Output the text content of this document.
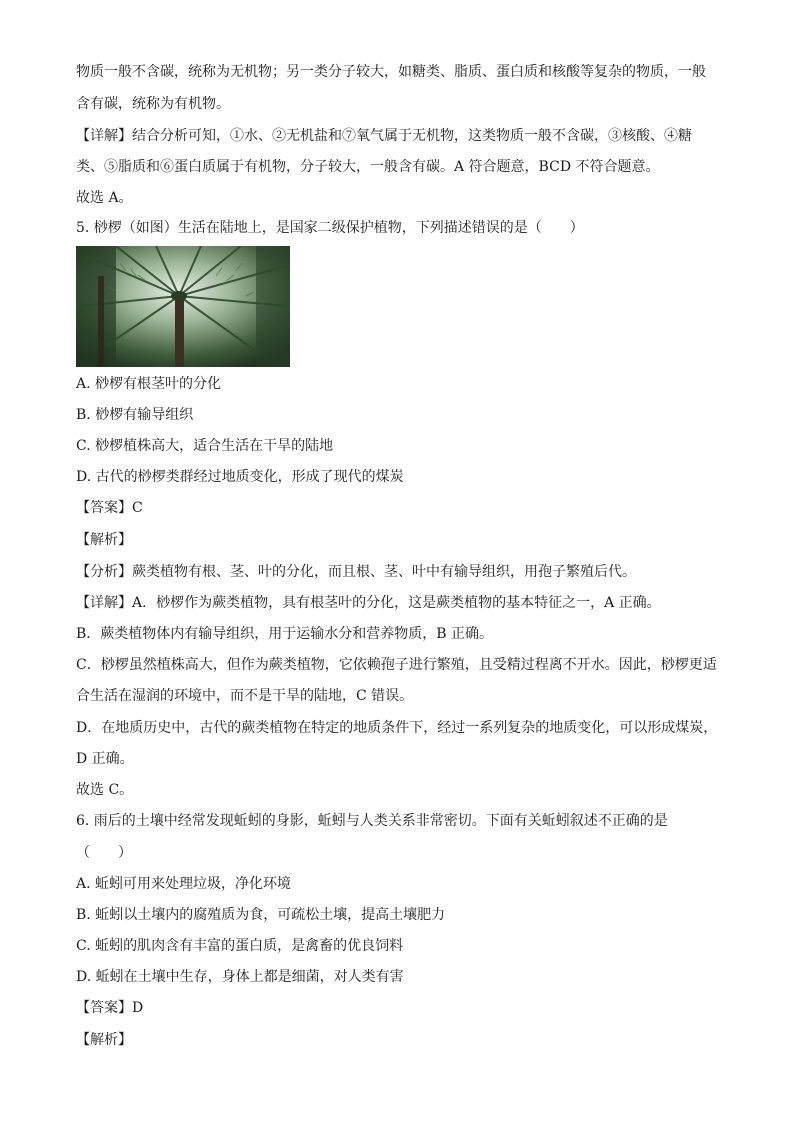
物质一般不含碳，统称为无机物；另一类分子较大，如糖类、脂质、蛋白质和核酸等复杂的物质，一般
含有碳，统称为有机物。
【详解】结合分析可知，①水、②无机盐和⑦氧气属于无机物，这类物质一般不含碳，③核酸、④糖
类、⑤脂质和⑥蛋白质属于有机物，分子较大，一般含有碳。A 符合题意，BCD 不符合题意。
故选 A。
5. 桫椤（如图）生活在陆地上，是国家二级保护植物，下列描述错误的是（　　）
A. 桫椤有根茎叶的分化
B. 桫椤有输导组织
C. 桫椤植株高大，适合生活在干旱的陆地
D. 古代的桫椤类群经过地质变化，形成了现代的煤炭
【答案】C
【解析】
【分析】蕨类植物有根、茎、叶的分化，而且根、茎、叶中有输导组织，用孢子繁殖后代。
【详解】A．桫椤作为蕨类植物，具有根茎叶的分化，这是蕨类植物的基本特征之一，A 正确。
B．蕨类植物体内有输导组织，用于运输水分和营养物质，B 正确。
C．桫椤虽然植株高大，但作为蕨类植物，它依赖孢子进行繁殖，且受精过程离不开水。因此，桫椤更适
合生活在湿润的环境中，而不是干旱的陆地，C 错误。
D．在地质历史中，古代的蕨类植物在特定的地质条件下，经过一系列复杂的地质变化，可以形成煤炭，
D 正确。
故选 C。
6. 雨后的土壤中经常发现蚯蚓的身影，蚯蚓与人类关系非常密切。下面有关蚯蚓叙述不正确的是
（　　）
A. 蚯蚓可用来处理垃圾，净化环境
B. 蚯蚓以土壤内的腐殖质为食，可疏松土壤，提高土壤肥力
C. 蚯蚓的肌肉含有丰富的蛋白质，是禽畜的优良饲料
D. 蚯蚓在土壤中生存，身体上都是细菌，对人类有害
【答案】D
【解析】
